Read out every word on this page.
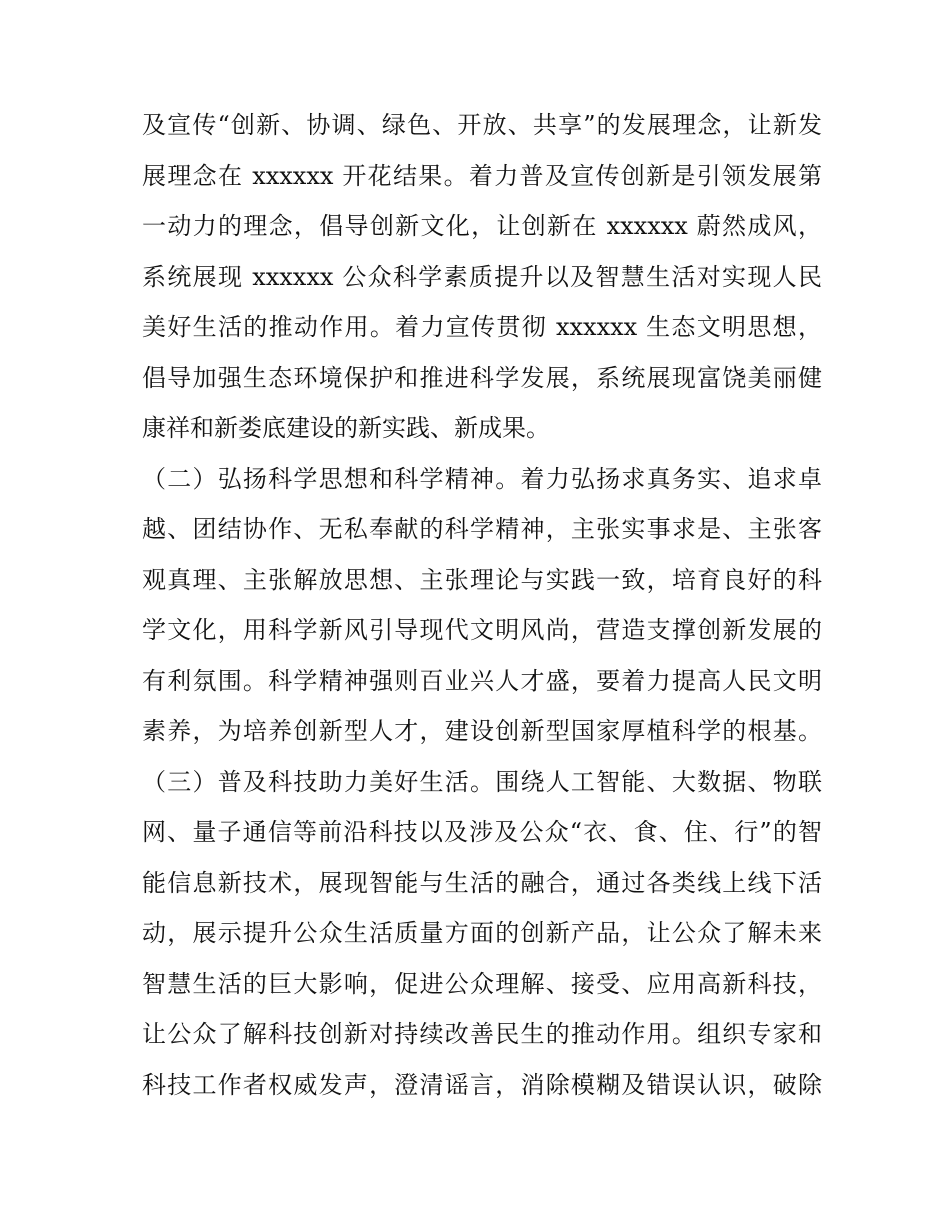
及宣传“创新、协调、绿色、开放、共享”的发展理念，让新发
展理念在 xxxxxx 开花结果。着力普及宣传创新是引领发展第
一动力的理念，倡导创新文化，让创新在 xxxxxx 蔚然成风，
系统展现 xxxxxx 公众科学素质提升以及智慧生活对实现人民
美好生活的推动作用。着力宣传贯彻 xxxxxx 生态文明思想，
倡导加强生态环境保护和推进科学发展，系统展现富饶美丽健
康祥和新娄底建设的新实践、新成果。
（二）弘扬科学思想和科学精神。着力弘扬求真务实、追求卓
越、团结协作、无私奉献的科学精神，主张实事求是、主张客
观真理、主张解放思想、主张理论与实践一致，培育良好的科
学文化，用科学新风引导现代文明风尚，营造支撑创新发展的
有利氛围。科学精神强则百业兴人才盛，要着力提高人民文明
素养，为培养创新型人才，建设创新型国家厚植科学的根基。
（三）普及科技助力美好生活。围绕人工智能、大数据、物联
网、量子通信等前沿科技以及涉及公众“衣、食、住、行”的智
能信息新技术，展现智能与生活的融合，通过各类线上线下活
动，展示提升公众生活质量方面的创新产品，让公众了解未来
智慧生活的巨大影响，促进公众理解、接受、应用高新科技，
让公众了解科技创新对持续改善民生的推动作用。组织专家和
科技工作者权威发声，澄清谣言，消除模糊及错误认识，破除
